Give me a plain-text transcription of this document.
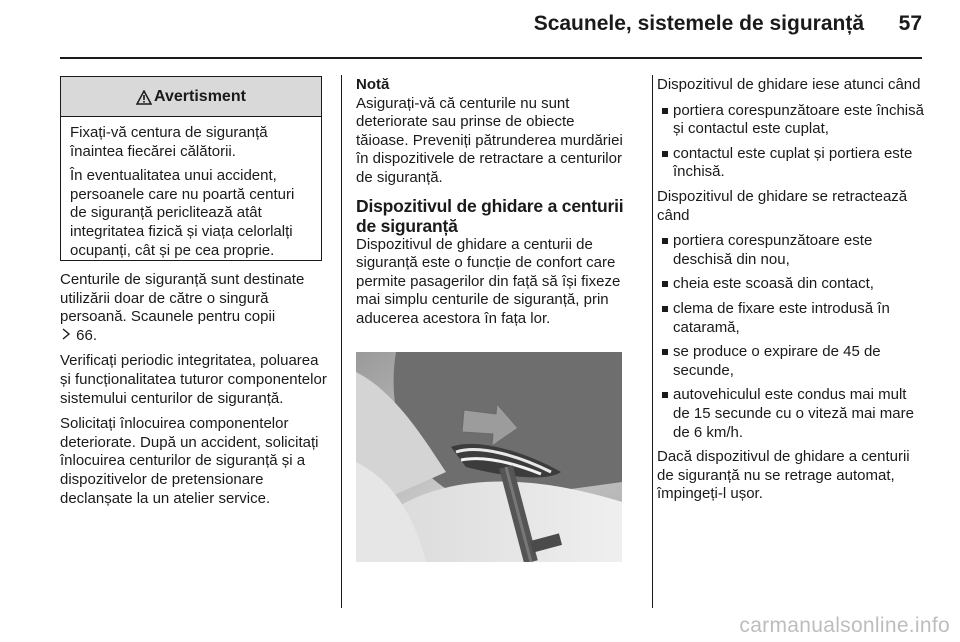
Scaunele, sistemele de siguranță 57
Avertisment

Fixați-vă centura de siguranță înaintea fiecărei călătorii.

În eventualitatea unui accident, persoanele care nu poartă centuri de siguranță periclitează atât integritatea fizică și viața celorlalți ocupanți, cât și pe cea proprie.

Centurile de siguranță sunt destinate utilizării doar de către o singură persoană. Scaunele pentru copii
66.

Verificați periodic integritatea, poluarea și funcționalitatea tuturor componentelor sistemului centurilor de siguranță.

Solicitați înlocuirea componentelor deteriorate. După un accident, solicitați înlocuirea centurilor de siguranță și a dispozitivelor de pretensionare declanșate la un atelier service.

Notă

Asigurați-vă că centurile nu sunt deteriorate sau prinse de obiecte tăioase. Preveniți pătrunderea murdăriei în dispozitivele de retractare a centurilor de siguranță.

Dispozitivul de ghidare a centurii de siguranță

Dispozitivul de ghidare a centurii de siguranță este o funcție de confort care permite pasagerilor din față să își fixeze mai simplu centurile de siguranță, prin aducerea acestora în fața lor.

Dispozitivul de ghidare iese atunci când

portiera corespunzătoare este închisă și contactul este cuplat,
contactul este cuplat și portiera este închisă.

Dispozitivul de ghidare se retractează când

portiera corespunzătoare este deschisă din nou,
cheia este scoasă din contact,
clema de fixare este introdusă în cataramă,
se produce o expirare de 45 de secunde,
autovehiculul este condus mai mult de 15 secunde cu o viteză mai mare de 6 km/h.

Dacă dispozitivul de ghidare a centurii de siguranță nu se retrage automat, împingeți-l ușor.

carmanualsonline.info
